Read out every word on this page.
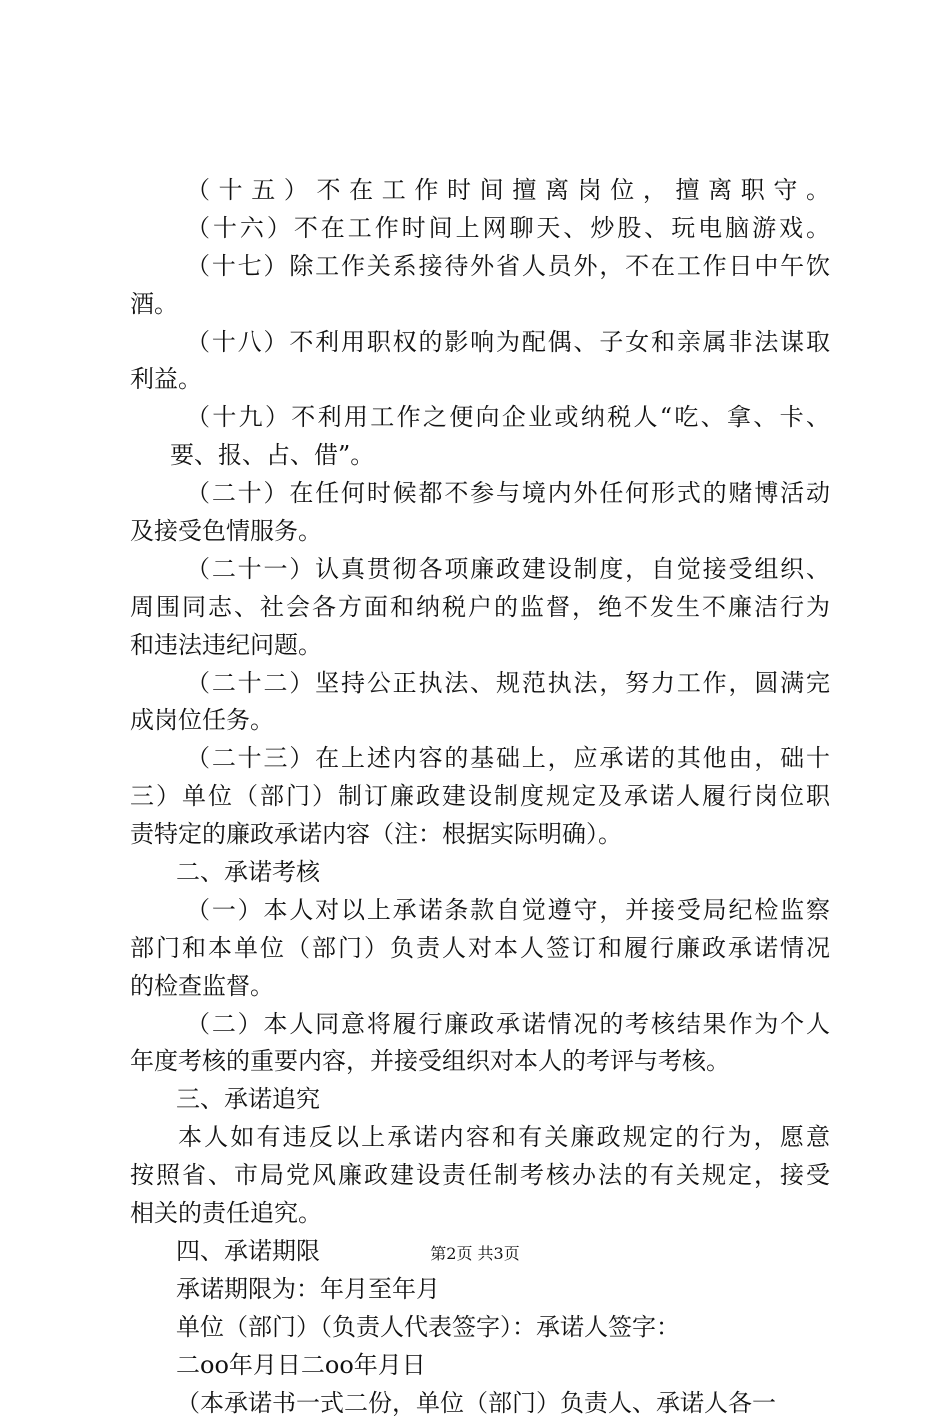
（十五）不在工作时间擅离岗位，擅离职守。
（十六）不在工作时间上网聊天、炒股、玩电脑游戏。
（十七）除工作关系接待外省人员外，不在工作日中午饮
酒。
（十八）不利用职权的影响为配偶、子女和亲属非法谋取
利益。
（十九）不利用工作之便向企业或纳税人“吃、拿、卡、
要、报、占、借”。
（二十）在任何时候都不参与境内外任何形式的赌博活动
及接受色情服务。
（二十一）认真贯彻各项廉政建设制度，自觉接受组织、
周围同志、社会各方面和纳税户的监督，绝不发生不廉洁行为
和违法违纪问题。
（二十二）坚持公正执法、规范执法，努力工作，圆满完
成岗位任务。
（二十三）在上述内容的基础上，应承诺的其他由，础十
三）单位（部门）制订廉政建设制度规定及承诺人履行岗位职
责特定的廉政承诺内容（注：根据实际明确）。
二、承诺考核
（一）本人对以上承诺条款自觉遵守，并接受局纪检监察
部门和本单位（部门）负责人对本人签订和履行廉政承诺情况
的检查监督。
（二）本人同意将履行廉政承诺情况的考核结果作为个人
年度考核的重要内容，并接受组织对本人的考评与考核。
三、承诺追究
本人如有违反以上承诺内容和有关廉政规定的行为，愿意
按照省、市局党风廉政建设责任制考核办法的有关规定，接受
相关的责任追究。
四、承诺期限
承诺期限为：年月至年月
单位（部门）（负责人代表签字）：承诺人签字：
二oo年月日二oo年月日
（本承诺书一式二份，单位（部门）负责人、承诺人各一
第2页 共3页
